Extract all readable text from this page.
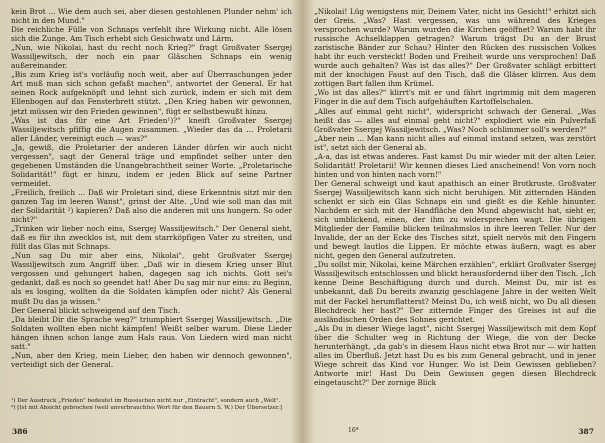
kein Brot ... Wie dem auch sei, aber diesen gestohlenen Plunder nehm' ich nicht in den Mund."

Die reichliche Fülle von Schnaps verfehlt ihre Wirkung nicht. Alle lösen sich die Zunge. Am Tisch erhebt sich Gesichwatz und Lärm.

„Nun, wie Nikolai, hast du recht noch Krieg?" fragt Großvater Ssergej Wassiljewitsch, der noch ein paar Gläschen Schnaps ein wenig außereinander.

„Bis zum Krieg ist's vorläufig noch weit, aber auf Überraschungen jeder Art muß man sich schon gefaßt machen", antwortet der General. Er hat seinen Rock aufgeknöpft und lehnt sich zurück, indem er sich mit dem Ellenbogen auf das Fensterbrett stützt. „Den Krieg haben wir gewonnen, jetzt müssen wir den Frieden gewinnen", fügt er selbstbewußt hinzu.

„Was ist das für eine Art Frieden¹)?" kneift Großvater Ssergej Wassiljewitsch pfiffig die Augen zusammen. „Wieder das da ... Proletarii aller Länder, vereinigt euch — was?"

„Ja, gewiß, die Proletarier der anderen Länder dürfen wir auch nicht vergessen", sagt der General träge und empfindet selber unter den gegebenen Umständen die Unangebrachtheit seiner Worte. „Proletarische Solidarität!" fügt er hinzu, indem er jeden Blick auf seine Partner vermeidet.

„Freilich, freilich ... Daß wir Proletari sind, diese Erkenntnis sitzt mir den ganzen Tag im leeren Wanst", grinst der Alte. „Und wie soll man das mit der Solidarität ²) kapieren? Daß also die anderen mit uns hungern. So oder nicht?"

„Trinken wir lieber noch eins, Ssergej Wassiljewitsch." Der General sieht, daß es für ihn zwecklos ist, mit dem starrköpfigen Vater zu streiten, und füllt das Glas mit Schnaps.

„Nun sag Du mir aber eins, Nikolai", geht Großvater Ssergej Wassiljewitsch zum Angriff über. „Daß wir in diesem Krieg unser Blut vergossen und gehungert haben, dagegen sag ich nichts. Gott sei's gedankt, daß es noch so geendet hat! Aber Du sag mir nur eins: zu Beginn, als es losging, wollten da die Soldaten kämpfen oder nicht? Als General mußt Du das ja wissen."

Der General blickt schweigend auf den Tisch.

„Da bleibt Dir die Sprache weg?" triumphiert Ssergej Wassiljewitsch. „Die Soldaten wollten eben nicht kämpfen! Weißt selber warum. Diese Lieder hängen ihnen schon lange zum Hals raus. Von Liedern wird man nicht satt."

„Nun, aber den Krieg, mein Lieber, den haben wir dennoch gewonnen", verteidigt sich der General.

¹) Der Ausdruck „Frieden" bedeutet im Russischen nicht nur „Eintracht", sondern auch „Welt".

²) [Ist mit Absicht gebrochen (weil unverbrauchtes Wort für den Bauern S. W.) Der Übersetzer.]

386

„Nikolai! Lüg wenigstens mir, Deinem Vater, nicht ins Gesicht!" erhitzt sich der Greis. „Was? Hast vergessen, was uns während des Krieges versprochen wurde? Warum wurden die Kirchen geöffnet? Warum habt ihr russische Achselklappen getragen? Warum trägst Du an der Brust zaristische Bänder zur Schau? Hinter den Rücken des russischen Volkes habt ihr euch versteckt! Boden und Freiheit wurde uns versprochen! Daß wurde auch gehalten? Was ist das alles?" Der Großvater schlägt erbittert mit der knochigen Faust auf den Tisch, daß die Gläser klirren. Aus dem zottigen Bart fallen ihm Krümel.

„Wo ist das alles?" klirrt's mit er und fährt ingrimmig mit dem mageren Finger in die auf dem Tisch aufgehäuften Kartoffelschalen.

„Alles auf einmal geht nicht", widerspricht schwach der General. „Was heißt das — alles auf einmal geht nicht?" explodiert wie ein Pulverfaß Großvater Ssergej Wassiljewitsch. „Was? Noch schlimmer soll's werden?"

„Aber nein ... Man kann nicht alles auf einmal instand setzen, was zerstört ist", setzt sich der General ab.

„A-a, das ist etwas anderes. Fast kamst Du mir wieder mit der alten Leier. Solidarität! Proletarii! Wir kennen dieses Lied anscheinend! Von vorn noch hinten und von hinten nach vorn!"

Der General schweigt und kaut apathisch an einer Brotkruste. Großvater Ssergej Wassiljewitsch kann sich nicht beruhigen. Mit zitternden Händen schenkt er sich ein Glas Schnaps ein und gießt es die Kehle hinunter. Nachdem er sich mit der Handfläche den Mund abgewischt hat, sieht er, sich umblickend, einen, der ihm zu widersprechen wagt. Die übrigen Mitglieder der Familie blicken teilnahmslos in ihre leeren Teller. Nur der Invalide, der an der Ecke des Tisches sitzt, spielt nervös mit den Fingern und bewegt lautlos die Lippen. Er möchte etwas äußern, wagt es aber nicht, gegen den General aufzutreten.

„Du sollst mir, Nikolai, keine Märchen erzählen", erklärt Großvater Ssergej Wassiljewitsch entschlossen und blickt herausfordernd über den Tisch. „Ich kenne Deine Beschäftigung durch und durch. Meinst Du, mir ist es unbekannt, daß Du bereits zwanzig geschlagene Jahre in der weiten Welt mit der Fackel herumflatterst? Meinst Du, ich weiß nicht, wo Du all diesen Blechdreck her hast?" Der zitternde Finger des Greises ist auf die ausländischen Orden des Sohnes gerichtet.

„Als Du in dieser Wiege lagst", nicht Ssergej Wassiljewitsch mit dem Kopf über die Schulter weg in Richtung der Wiege, die von der Decke herunterhängt, „da gab's in diesem Haus nicht etwa Brot nur — wir hatten alles im Überfluß. Jetzt hast Du es bis zum General gebracht, und in jener Wiege schreit das Kind vor Hunger. Wo ist Dein Gewissen geblieben? Antworte mir! Hast Du Dein Gewissen gegen diesen Blechdreck eingetauscht?" Der zornige Blick

16*	387
